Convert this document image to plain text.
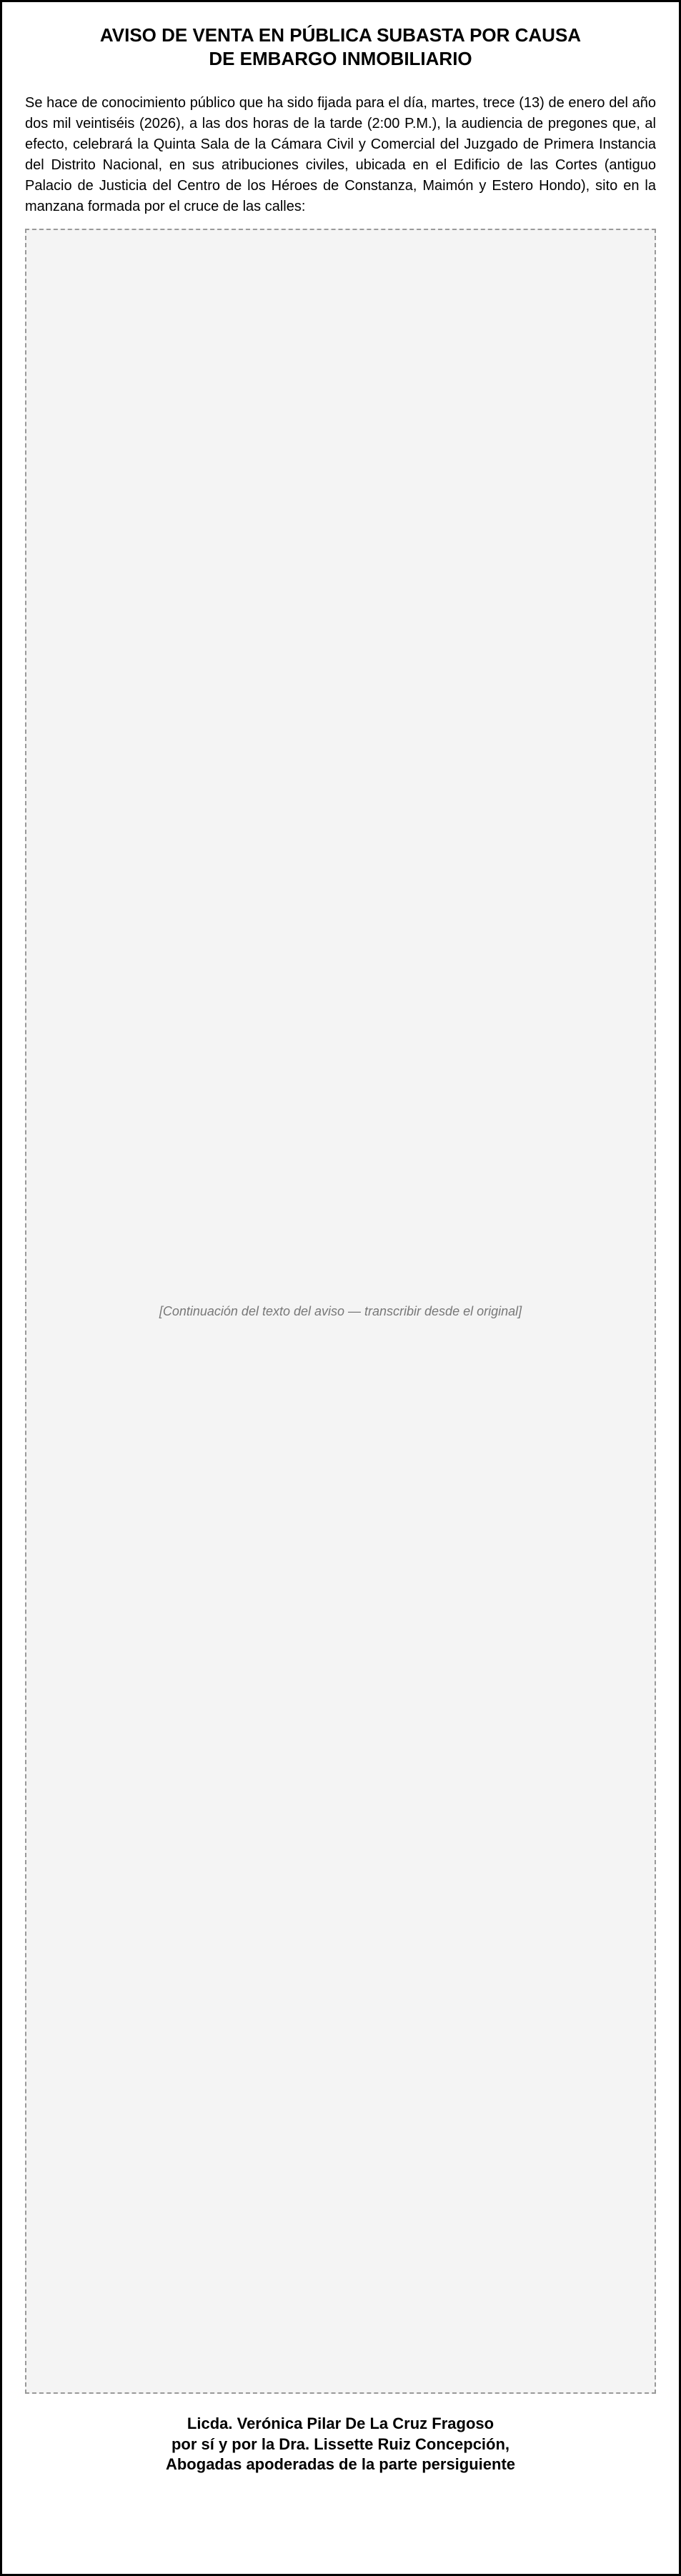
AVISO DE VENTA EN PÚBLICA SUBASTA POR CAUSA
DE EMBARGO INMOBILIARIO

Se hace de conocimiento público que ha sido fijada para el día, martes, trece (13) de enero del año dos mil veintiséis (2026), a las dos horas de la tarde (2:00 P.M.), la audiencia de pregones que, al efecto, celebrará la Quinta Sala de la Cámara Civil y Comercial del Juzgado de Primera Instancia del Distrito Nacional, en sus atribuciones civiles, ubicada en el Edificio de las Cortes (antiguo Palacio de Justicia del Centro de los Héroes de Constanza, Maimón y Estero Hondo), sito en la manzana formada por el cruce de las calles:

[Continuación del texto del aviso — transcribir desde el original]
Licda. Verónica Pilar De La Cruz Fragoso
por sí y por la Dra. Lissette Ruiz Concepción,
Abogadas apoderadas de la parte persiguiente
